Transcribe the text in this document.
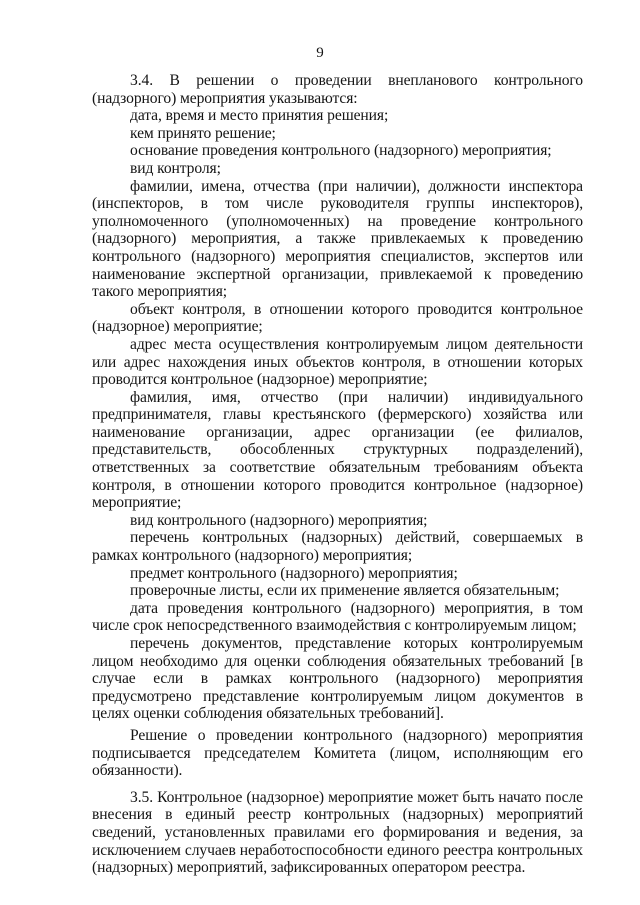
9

3.4. В решении о проведении внепланового контрольного (надзорного) мероприятия указываются:

дата, время и место принятия решения;

кем принято решение;

основание проведения контрольного (надзорного) мероприятия;

вид контроля;

фамилии, имена, отчества (при наличии), должности инспектора (инспекторов, в том числе руководителя группы инспекторов), уполномоченного (уполномоченных) на проведение контрольного (надзорного) мероприятия, а также привлекаемых к проведению контрольного (надзорного) мероприятия специалистов, экспертов или наименование экспертной организации, привлекаемой к проведению такого мероприятия;

объект контроля, в отношении которого проводится контрольное (надзорное) мероприятие;

адрес места осуществления контролируемым лицом деятельности или адрес нахождения иных объектов контроля, в отношении которых проводится контрольное (надзорное) мероприятие;

фамилия, имя, отчество (при наличии) индивидуального предпринимателя, главы крестьянского (фермерского) хозяйства или наименование организации, адрес организации (ее филиалов, представительств, обособленных структурных подразделений), ответственных за соответствие обязательным требованиям объекта контроля, в отношении которого проводится контрольное (надзорное) мероприятие;

вид контрольного (надзорного) мероприятия;

перечень контрольных (надзорных) действий, совершаемых в рамках контрольного (надзорного) мероприятия;

предмет контрольного (надзорного) мероприятия;

проверочные листы, если их применение является обязательным;

дата проведения контрольного (надзорного) мероприятия, в том числе срок непосредственного взаимодействия с контролируемым лицом;

перечень документов, представление которых контролируемым лицом необходимо для оценки соблюдения обязательных требований [в случае если в рамках контрольного (надзорного) мероприятия предусмотрено представление контролируемым лицом документов в целях оценки соблюдения обязательных требований].

Решение о проведении контрольного (надзорного) мероприятия подписывается председателем Комитета (лицом, исполняющим его обязанности).

3.5. Контрольное (надзорное) мероприятие может быть начато после внесения в единый реестр контрольных (надзорных) мероприятий сведений, установленных правилами его формирования и ведения, за исключением случаев неработоспособности единого реестра контрольных (надзорных) мероприятий, зафиксированных оператором реестра.
